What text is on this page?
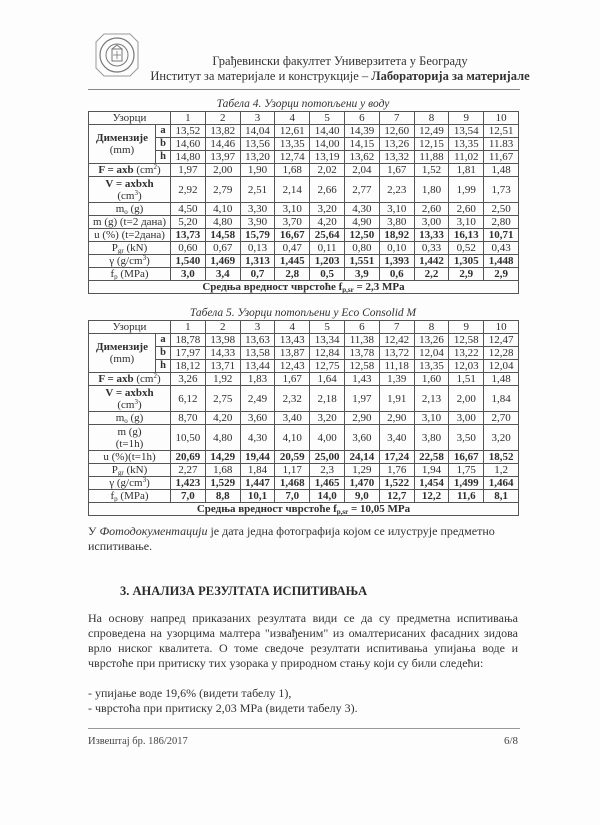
Грађевински факултет Универзитета у Београду
Институт за материјале и конструкције – Лабораторија за материјале
Табела 4. Узорци потопљени у воду
Узорци		1	2	3	4	5	6	7	8	9	10
Димензије
(mm)	a	13,52	13,82	14,04	12,61	14,40	14,39	12,60	12,49	13,54	12,51
	b	14,60	14,46	13,56	13,35	14,00	14,15	13,26	12,15	13,35	11.83
	h	14,80	13,97	13,20	12,74	13,19	13,62	13,32	11,88	11,02	11,67
F = axb $(cm^2)$		1,97	2,00	1,90	1,68	2,02	2,04	1,67	1,52	1,81	1,48
V = axbxh
$(cm^3)$		2,92	2,79	2,51	2,14	2,66	2,77	2,23	1,80	1,99	1,73
$m_o$ (g)		4,50	4,10	3,30	3,10	3,20	4,30	3,10	2,60	2,60	2,50
m (g) (t=2 дана)		5,20	4,80	3,90	3,70	4,20	4,90	3,80	3,00	3,10	2,80
u (%) (t=2дана)		13,73	14,58	15,79	16,67	25,64	12,50	18,92	13,33	16,13	10,71
$P_{gr}$ (kN)		0,60	0,67	0,13	0,47	0,11	0,80	0,10	0,33	0,52	0,43
γ $(g/cm^3)$		1,540	1,469	1,313	1,445	1,203	1,551	1,393	1,442	1,305	1,448
$f_p$ (MPa)		3,0	3,4	0,7	2,8	0,5	3,9	0,6	2,2	2,9	2,9
Средња вредност чврстоће $f_{p,sr} = 2,3$ MPa											
Табела 5. Узорци потопљени у Eco Consolid M
Узорци		1	2	3	4	5	6	7	8	9	10
Димензије
(mm)	a	18,78	13,98	13,63	13,43	13,34	11,38	12,42	13,26	12,58	12,47
	b	17,97	14,33	13,58	13,87	12,84	13,78	13,72	12,04	13,22	12,28
	h	18,12	13,71	13,44	12,43	12,75	12,58	11,18	13,35	12,03	12,04
F = axb $(cm^2)$		3,26	1,92	1,83	1,67	1,64	1,43	1,39	1,60	1,51	1,48
V = axbxh
$(cm^3)$		6,12	2,75	2,49	2,32	2,18	1,97	1,91	2,13	2,00	1,84
$m_o$ (g)		8,70	4,20	3,60	3,40	3,20	2,90	2,90	3,10	3,00	2,70
m (g)
(t=1h)		10,50	4,80	4,30	4,10	4,00	3,60	3,40	3,80	3,50	3,20
u (%)(t=1h)		20,69	14,29	19,44	20,59	25,00	24,14	17,24	22,58	16,67	18,52
$P_{gr}$ (kN)		2,27	1,68	1,84	1,17	2,3	1,29	1,76	1,94	1,75	1,2
γ $(g/cm^3)$		1,423	1,529	1,447	1,468	1,465	1,470	1,522	1,454	1,499	1,464
$f_p$ (MPa)		7,0	8,8	10,1	7,0	14,0	9,0	12,7	12,2	11,6	8,1
Средња вредност чврстоће $f_{p,sr} = 10,05$ MPa											
У Фотодокументацији је дата једна фотографија којом се илуструје предметно испитивање.
3. АНАЛИЗА РЕЗУЛТАТА ИСПИТИВАЊА
На основу напред приказаних резултата види се да су предметна испитивања спроведена на узорцима малтера "извађеним" из омалтерисаних фасадних зидова врло ниског квалитета. О томе сведоче резултати испитивања упијања воде и чврстоће при притиску тих узорака у природном стању који су били следећи:
- упијање воде 19,6% (видети табелу 1),
- чврстоћа при притиску 2,03 MPa (видети табелу 3).
Извештај бр. 186/2017	6/8
